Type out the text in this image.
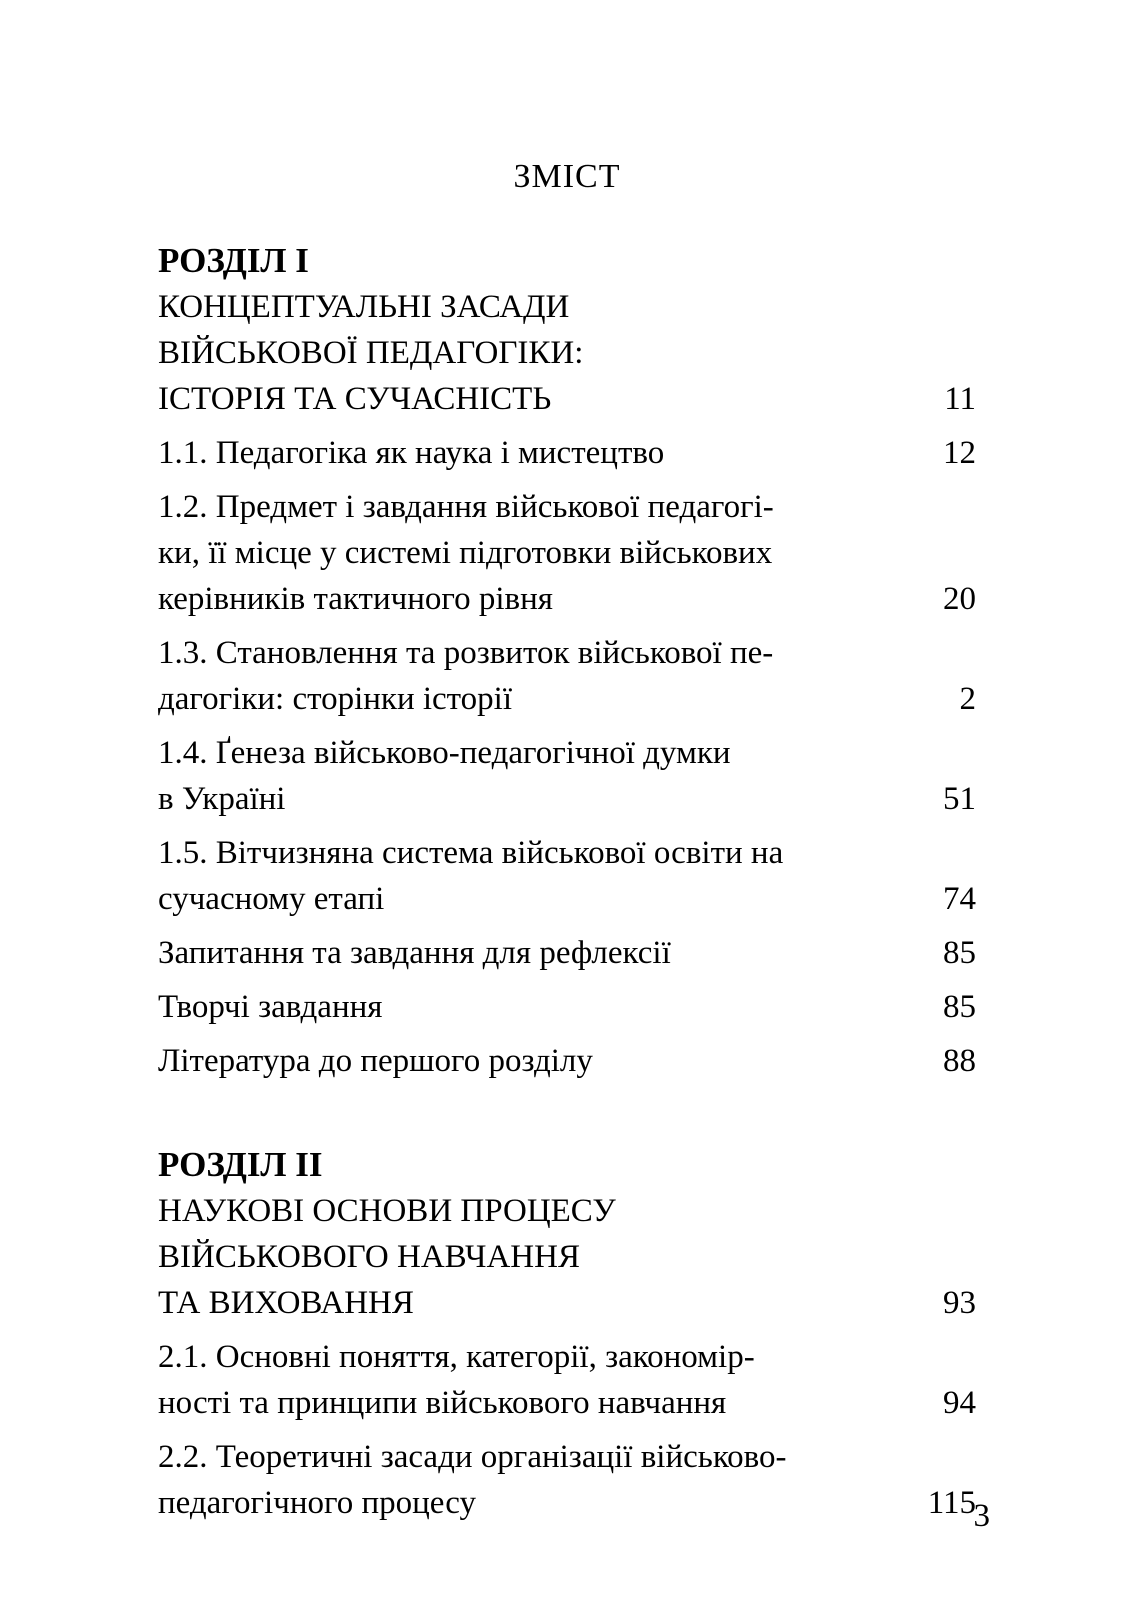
ЗМІСТ
РОЗДІЛ I
КОНЦЕПТУАЛЬНІ ЗАСАДИ
ВІЙСЬКОВОЇ ПЕДАГОГІКИ:
ІСТОРІЯ ТА СУЧАСНІСТЬ	11
1.1. Педагогіка як наука і мистецтво	12
1.2. Предмет і завдання військової педагогі-
ки, її місце у системі підготовки військових
керівників тактичного рівня	20
1.3. Становлення та розвиток військової пе-
дагогіки: сторінки історії	2
1.4. Ґенеза військово-педагогічної думки
в Україні	51
1.5. Вітчизняна система військової освіти на
сучасному етапі	74
Запитання та завдання для рефлексії	85
Творчі завдання	85
Література до першого розділу	88
РОЗДІЛ II
НАУКОВІ ОСНОВИ ПРОЦЕСУ
ВІЙСЬКОВОГО НАВЧАННЯ
ТА ВИХОВАННЯ	93
2.1. Основні поняття, категорії, закономір-
ності та принципи військового навчання	94
2.2. Теоретичні засади організації військово-
педагогічного процесу	115
3
